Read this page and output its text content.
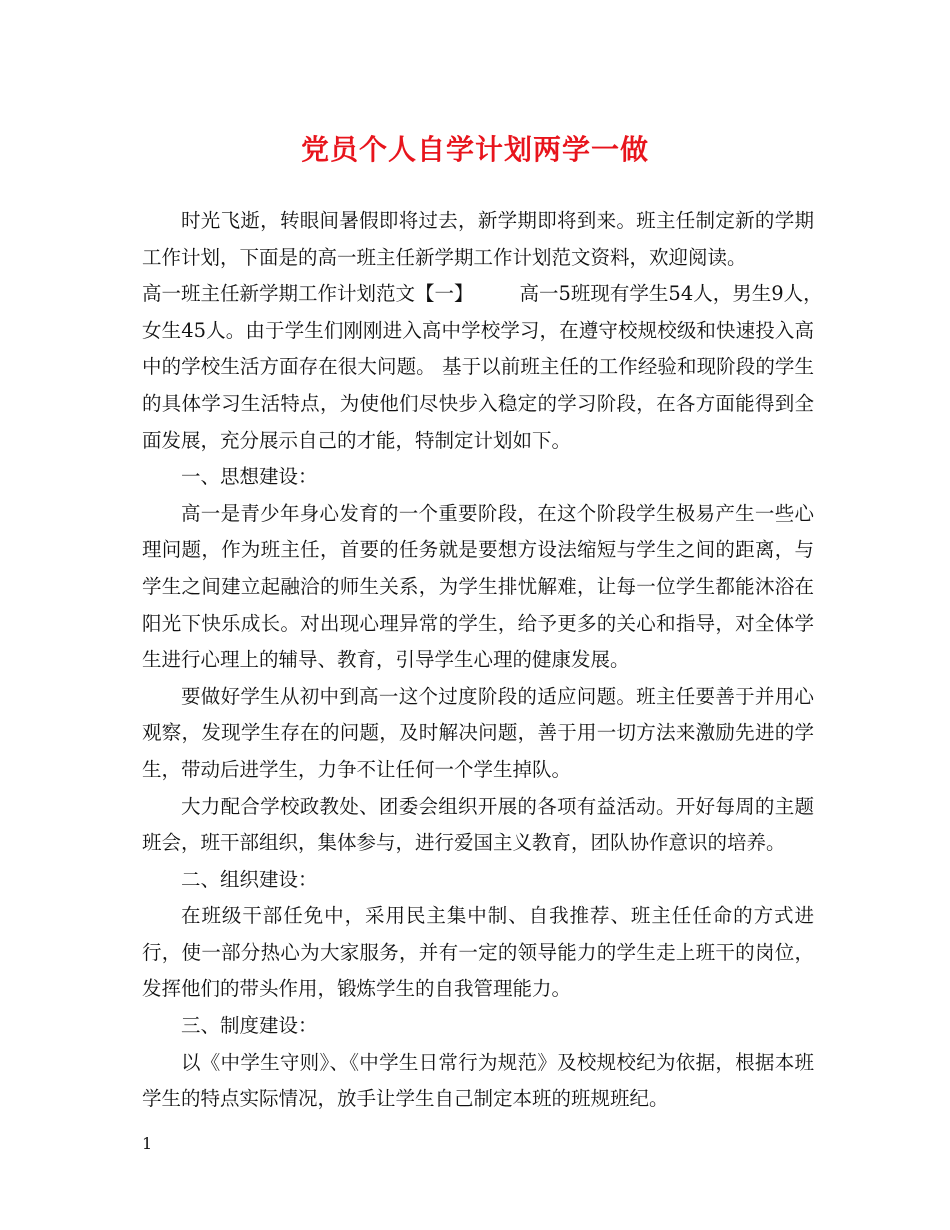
党员个人自学计划两学一做

时光飞逝，转眼间暑假即将过去，新学期即将到来。班主任制定新的学期工作计划，下面是的高一班主任新学期工作计划范文资料，欢迎阅读。

高一班主任新学期工作计划范文【一】 高一5班现有学生54人，男生9人，

女生45人。由于学生们刚刚进入高中学校学习，在遵守校规校级和快速投入高中的学校生活方面存在很大问题。 基于以前班主任的工作经验和现阶段的学生的具体学习生活特点，为使他们尽快步入稳定的学习阶段，在各方面能得到全面发展，充分展示自己的才能，特制定计划如下。

一、思想建设：

高一是青少年身心发育的一个重要阶段，在这个阶段学生极易产生一些心理问题，作为班主任，首要的任务就是要想方设法缩短与学生之间的距离，与学生之间建立起融洽的师生关系，为学生排忧解难，让每一位学生都能沐浴在阳光下快乐成长。对出现心理异常的学生，给予更多的关心和指导，对全体学生进行心理上的辅导、教育，引导学生心理的健康发展。

要做好学生从初中到高一这个过度阶段的适应问题。班主任要善于并用心观察，发现学生存在的问题，及时解决问题，善于用一切方法来激励先进的学生，带动后进学生，力争不让任何一个学生掉队。

大力配合学校政教处、团委会组织开展的各项有益活动。开好每周的主题班会，班干部组织，集体参与，进行爱国主义教育，团队协作意识的培养。

二、组织建设：

在班级干部任免中，采用民主集中制、自我推荐、班主任任命的方式进行，使一部分热心为大家服务，并有一定的领导能力的学生走上班干的岗位，发挥他们的带头作用，锻炼学生的自我管理能力。

三、制度建设：

以《中学生守则》、《中学生日常行为规范》及校规校纪为依据，根据本班学生的特点实际情况，放手让学生自己制定本班的班规班纪。

1
